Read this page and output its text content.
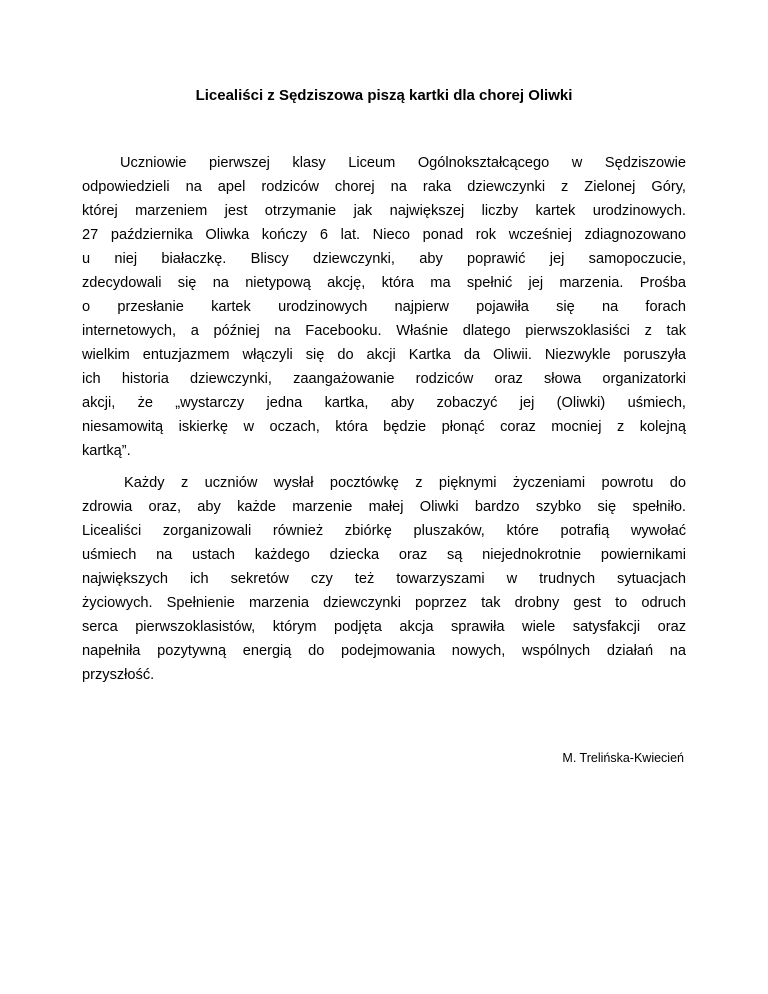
Licealiści z Sędziszowa piszą kartki dla chorej Oliwki

Uczniowie pierwszej klasy Liceum Ogólnokształcącego w Sędziszowie
odpowiedzieli na apel rodziców chorej na raka dziewczynki z Zielonej Góry,
której marzeniem jest otrzymanie jak największej liczby kartek urodzinowych.
27 października Oliwka kończy 6 lat. Nieco ponad rok wcześniej zdiagnozowano
u niej białaczkę. Bliscy dziewczynki, aby poprawić jej samopoczucie,
zdecydowali się na nietypową akcję, która ma spełnić jej marzenia. Prośba
o przesłanie kartek urodzinowych najpierw pojawiła się na forach
internetowych, a później na Facebooku. Właśnie dlatego pierwszoklasiści z tak
wielkim entuzjazmem włączyli się do akcji Kartka da Oliwii. Niezwykle poruszyła
ich historia dziewczynki, zaangażowanie rodziców oraz słowa organizatorki
akcji, że „wystarczy jedna kartka, aby zobaczyć jej (Oliwki) uśmiech,
niesamowitą iskierkę w oczach, która będzie płonąć coraz mocniej z kolejną
kartką”.

Każdy z uczniów wysłał pocztówkę z pięknymi życzeniami powrotu do
zdrowia oraz, aby każde marzenie małej Oliwki bardzo szybko się spełniło.
Licealiści zorganizowali również zbiórkę pluszaków, które potrafią wywołać
uśmiech na ustach każdego dziecka oraz są niejednokrotnie powiernikami
największych ich sekretów czy też towarzyszami w trudnych sytuacjach
życiowych. Spełnienie marzenia dziewczynki poprzez tak drobny gest to odruch
serca pierwszoklasistów, którym podjęta akcja sprawiła wiele satysfakcji oraz
napełniła pozytywną energią do podejmowania nowych, wspólnych działań na
przyszłość.

M. Trelińska-Kwiecień
